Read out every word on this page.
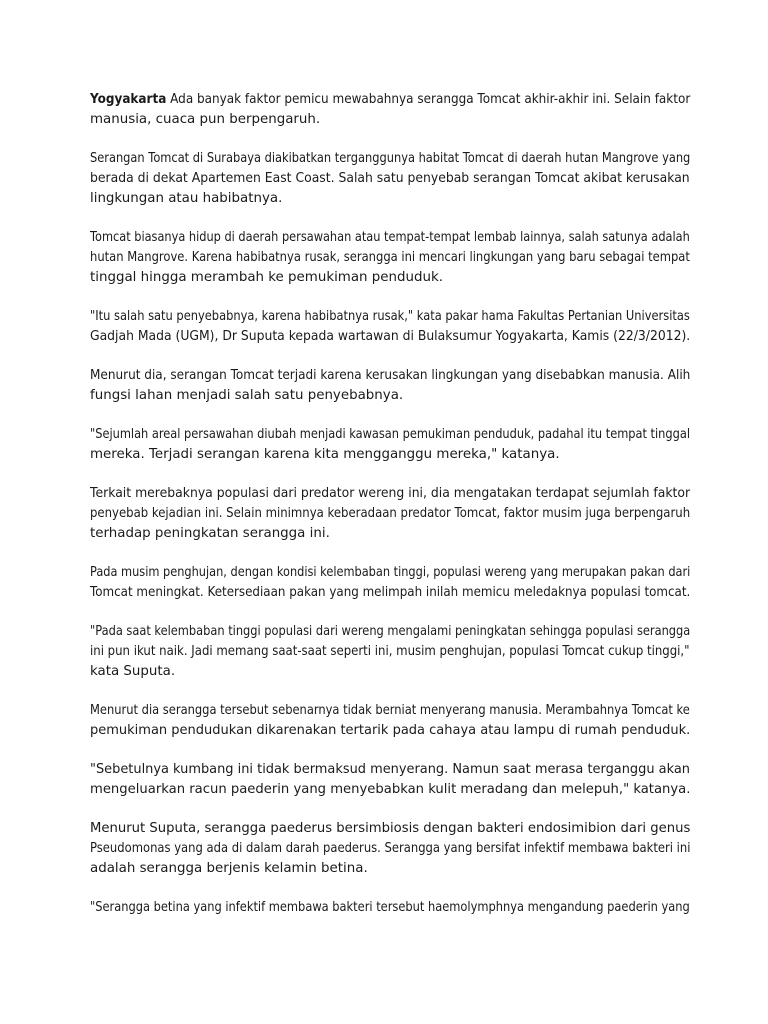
Yogyakarta Ada banyak faktor pemicu mewabahnya serangga Tomcat akhir-akhir ini. Selain faktor
manusia, cuaca pun berpengaruh.
Serangan Tomcat di Surabaya diakibatkan terganggunya habitat Tomcat di daerah hutan Mangrove yang
berada di dekat Apartemen East Coast. Salah satu penyebab serangan Tomcat akibat kerusakan
lingkungan atau habibatnya.
Tomcat biasanya hidup di daerah persawahan atau tempat-tempat lembab lainnya, salah satunya adalah
hutan Mangrove. Karena habibatnya rusak, serangga ini mencari lingkungan yang baru sebagai tempat
tinggal hingga merambah ke pemukiman penduduk.
"Itu salah satu penyebabnya, karena habibatnya rusak," kata pakar hama Fakultas Pertanian Universitas
Gadjah Mada (UGM), Dr Suputa kepada wartawan di Bulaksumur Yogyakarta, Kamis (22/3/2012).
Menurut dia, serangan Tomcat terjadi karena kerusakan lingkungan yang disebabkan manusia. Alih
fungsi lahan menjadi salah satu penyebabnya.
"Sejumlah areal persawahan diubah menjadi kawasan pemukiman penduduk, padahal itu tempat tinggal
mereka. Terjadi serangan karena kita mengganggu mereka," katanya.
Terkait merebaknya populasi dari predator wereng ini, dia mengatakan terdapat sejumlah faktor
penyebab kejadian ini. Selain minimnya keberadaan predator Tomcat, faktor musim juga berpengaruh
terhadap peningkatan serangga ini.
Pada musim penghujan, dengan kondisi kelembaban tinggi, populasi wereng yang merupakan pakan dari
Tomcat meningkat. Ketersediaan pakan yang melimpah inilah memicu meledaknya populasi tomcat.
"Pada saat kelembaban tinggi populasi dari wereng mengalami peningkatan sehingga populasi serangga
ini pun ikut naik. Jadi memang saat-saat seperti ini, musim penghujan, populasi Tomcat cukup tinggi,"
kata Suputa.
Menurut dia serangga tersebut sebenarnya tidak berniat menyerang manusia. Merambahnya Tomcat ke
pemukiman pendudukan dikarenakan tertarik pada cahaya atau lampu di rumah penduduk.
"Sebetulnya kumbang ini tidak bermaksud menyerang. Namun saat merasa terganggu akan
mengeluarkan racun paederin yang menyebabkan kulit meradang dan melepuh," katanya.
Menurut Suputa, serangga paederus bersimbiosis dengan bakteri endosimibion dari genus
Pseudomonas yang ada di dalam darah paederus. Serangga yang bersifat infektif membawa bakteri ini
adalah serangga berjenis kelamin betina.
"Serangga betina yang infektif membawa bakteri tersebut haemolymphnya mengandung paederin yang
